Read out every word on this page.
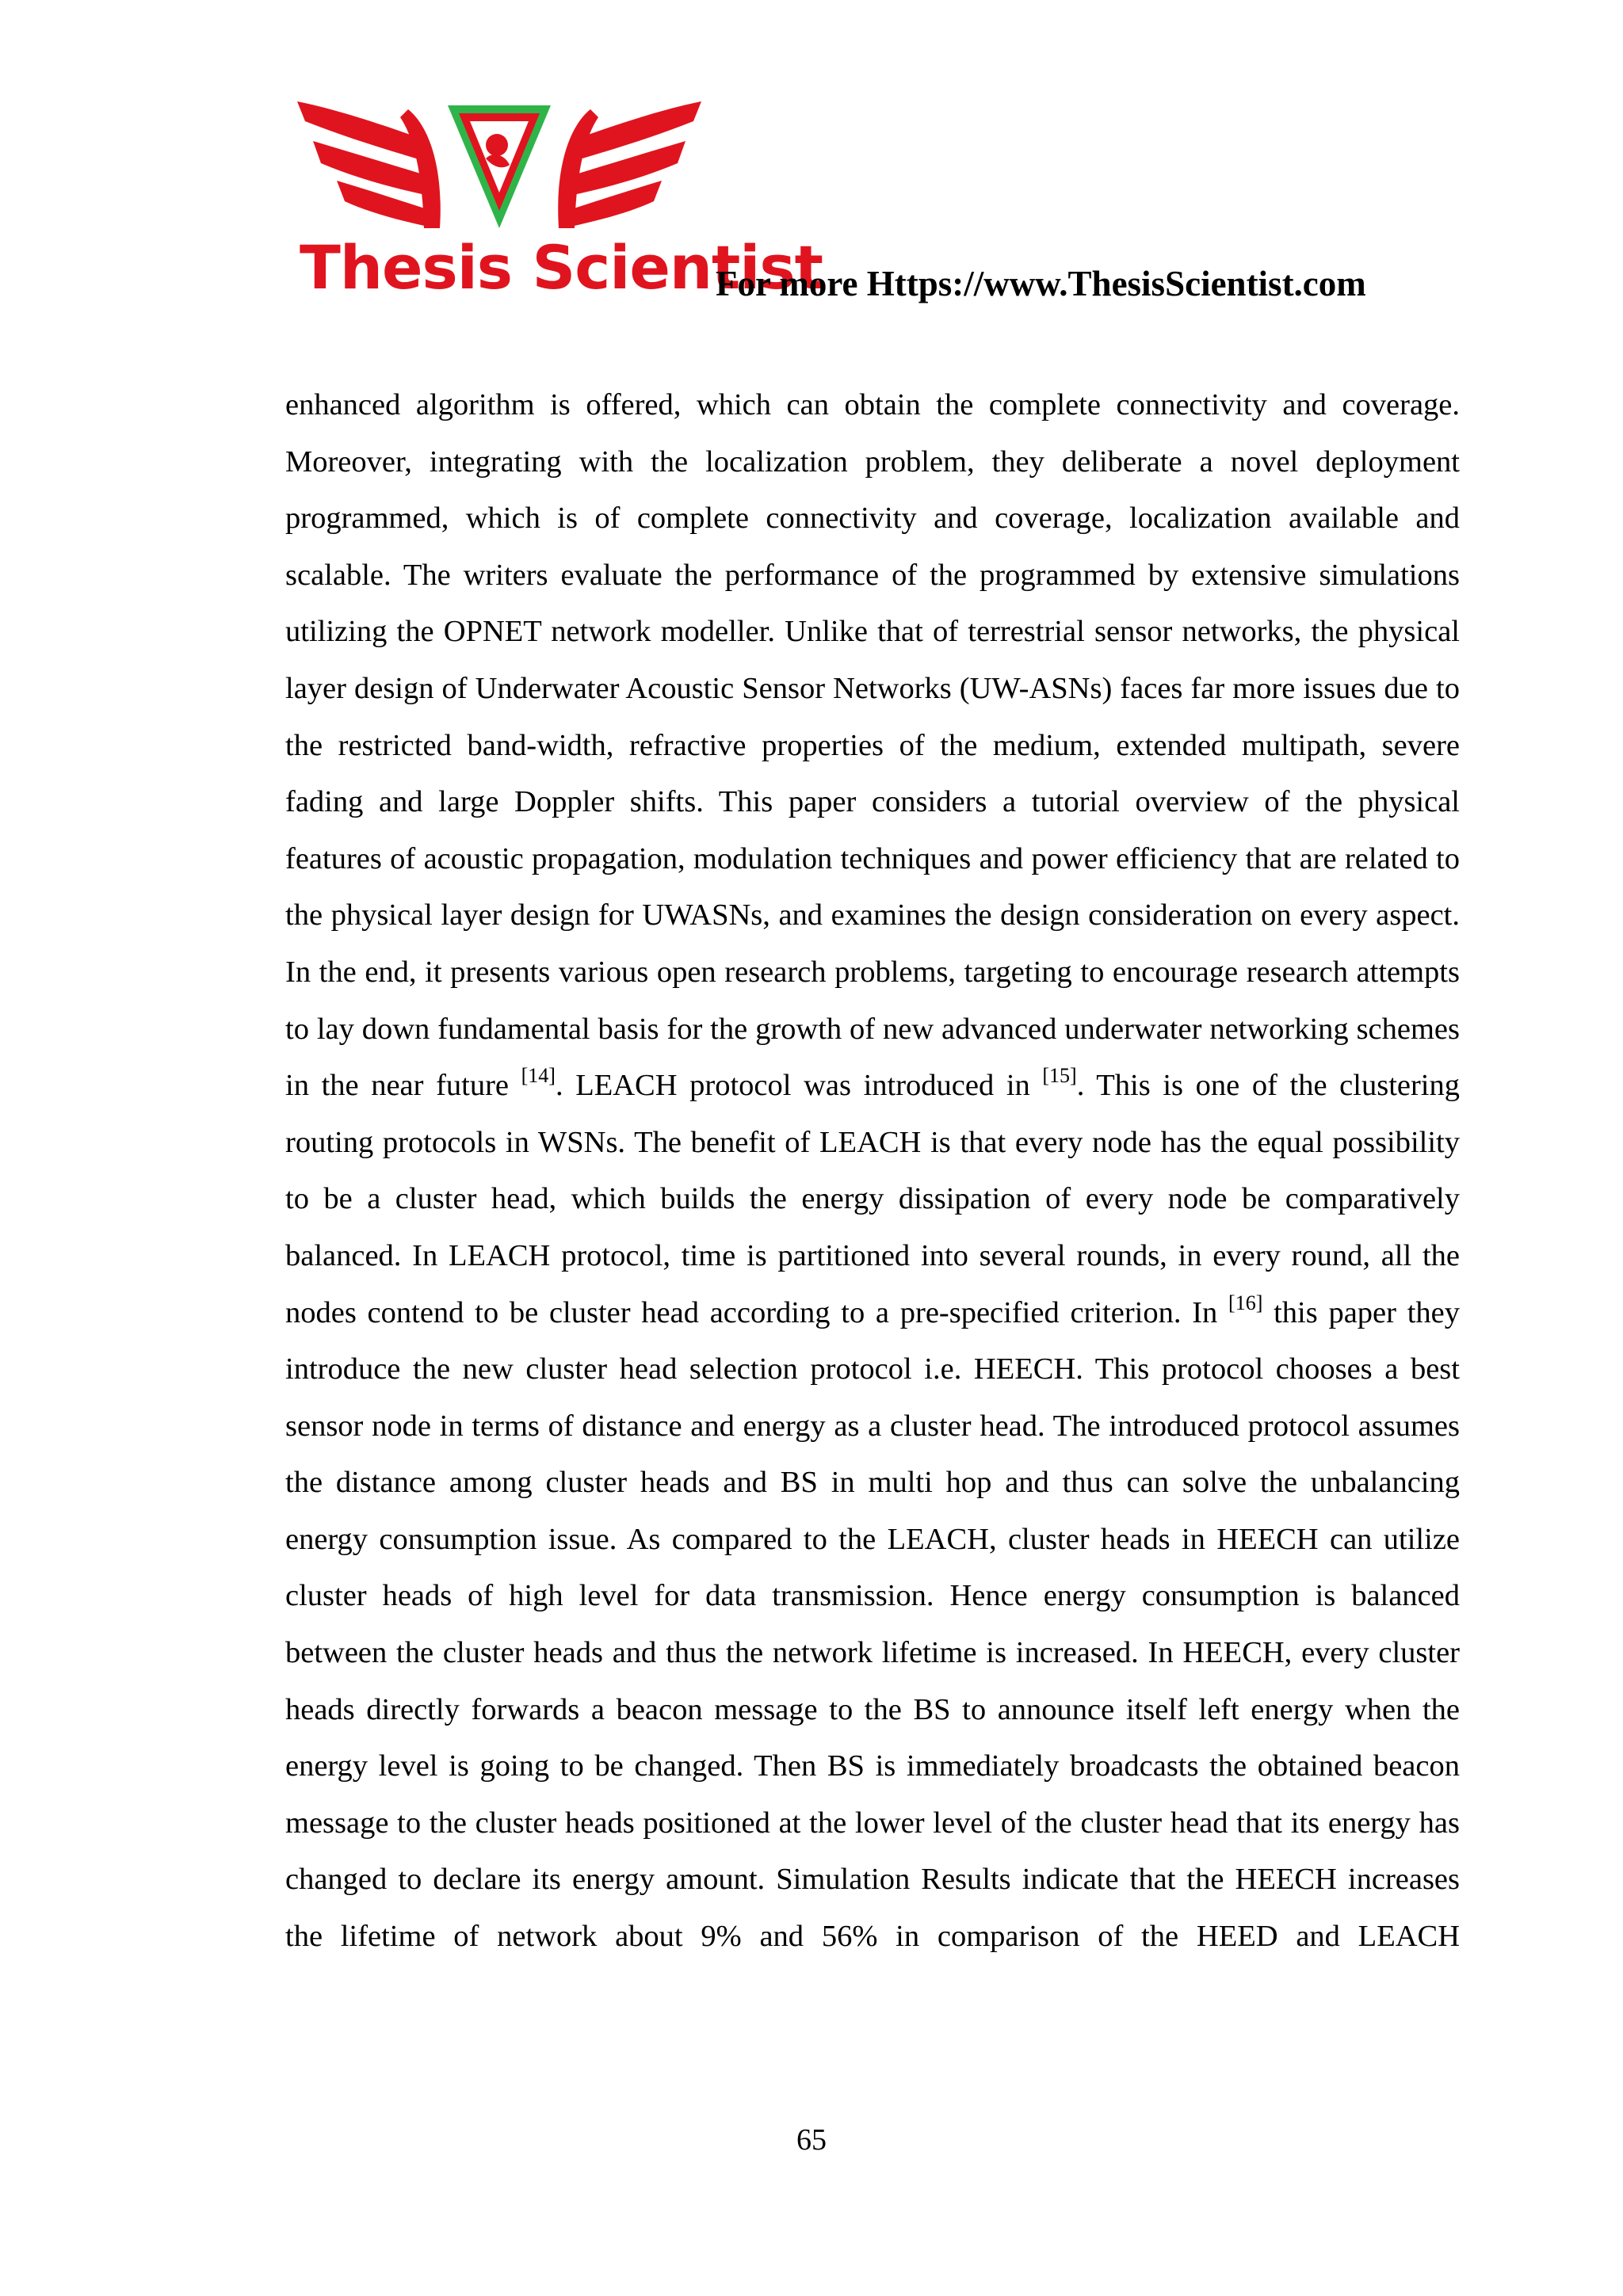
Thesis Scientist
For more Https://www.ThesisScientist.com

enhanced algorithm is offered, which can obtain the complete connectivity and coverage. Moreover, integrating with the localization problem, they deliberate a novel deployment programmed, which is of complete connectivity and coverage, localization available and scalable. The writers evaluate the performance of the programmed by extensive simulations utilizing the OPNET network modeller. Unlike that of terrestrial sensor networks, the physical layer design of Underwater Acoustic Sensor Networks (UW-ASNs) faces far more issues due to the restricted band-width, refractive properties of the medium, extended multipath, severe fading and large Doppler shifts. This paper considers a tutorial overview of the physical features of acoustic propagation, modulation techniques and power efficiency that are related to the physical layer design for UWASNs, and examines the design consideration on every aspect. In the end, it presents various open research problems, targeting to encourage research attempts to lay down fundamental basis for the growth of new advanced underwater networking schemes in the near future [14]. LEACH protocol was introduced in [15]. This is one of the clustering routing protocols in WSNs. The benefit of LEACH is that every node has the equal possibility to be a cluster head, which builds the energy dissipation of every node be comparatively balanced. In LEACH protocol, time is partitioned into several rounds, in every round, all the nodes contend to be cluster head according to a pre-specified criterion. In [16] this paper they introduce the new cluster head selection protocol i.e. HEECH. This protocol chooses a best sensor node in terms of distance and energy as a cluster head. The introduced protocol assumes the distance among cluster heads and BS in multi hop and thus can solve the unbalancing energy consumption issue. As compared to the LEACH, cluster heads in HEECH can utilize cluster heads of high level for data transmission. Hence energy consumption is balanced between the cluster heads and thus the network lifetime is increased. In HEECH, every cluster heads directly forwards a beacon message to the BS to announce itself left energy when the energy level is going to be changed. Then BS is immediately broadcasts the obtained beacon message to the cluster heads positioned at the lower level of the cluster head that its energy has changed to declare its energy amount. Simulation Results indicate that the HEECH increases the lifetime of network about 9% and 56% in comparison of the HEED and LEACH

65
